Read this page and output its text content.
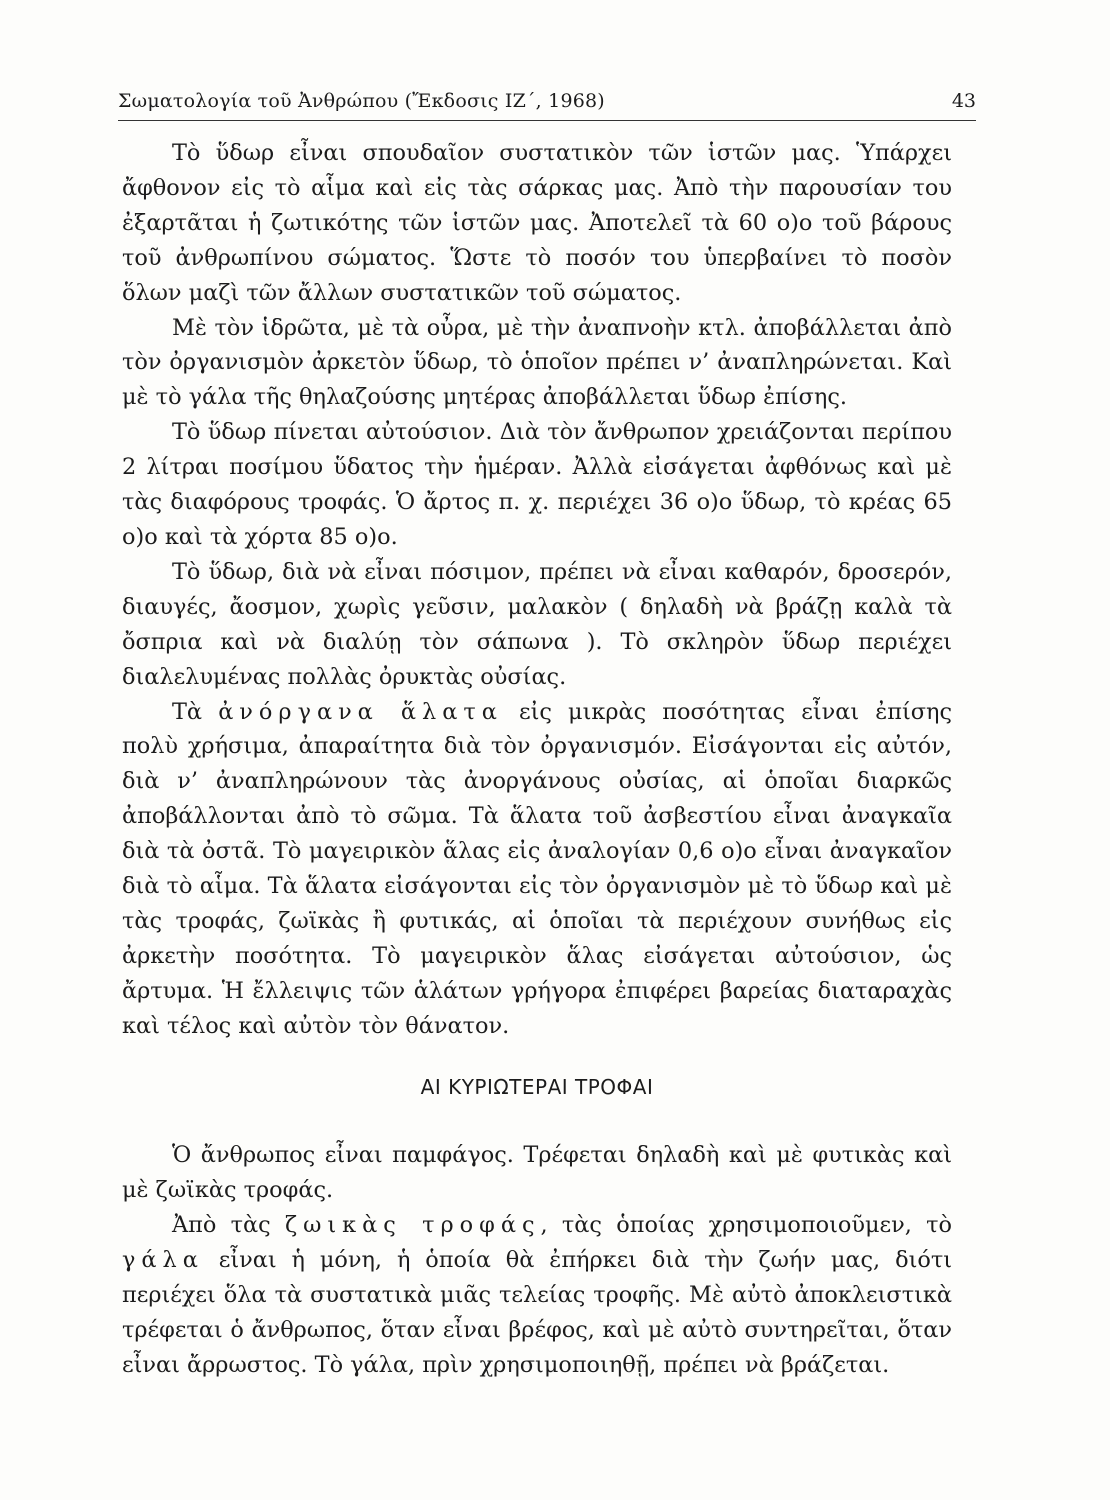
Σωματολογία τοῦ Ἀνθρώπου (Ἔκδοσις ΙΖ΄, 1968)	43

Τὸ ὕδωρ εἶναι σπουδαῖον συστατικὸν τῶν ἱστῶν μας. Ὑπάρχει ἄφθονον εἰς τὸ αἷμα καὶ εἰς τὰς σάρκας μας. Ἀπὸ τὴν παρουσίαν του ἐξαρτᾶται ἡ ζωτικότης τῶν ἱστῶν μας. Ἀποτελεῖ τὰ 60 ο)ο τοῦ βάρους τοῦ ἀνθρωπίνου σώματος. Ὥστε τὸ ποσόν του ὑπερβαίνει τὸ ποσὸν ὅλων μαζὶ τῶν ἄλλων συστατικῶν τοῦ σώματος.

Μὲ τὸν ἱδρῶτα, μὲ τὰ οὖρα, μὲ τὴν ἀναπνοὴν κτλ. ἀποβάλλεται ἀπὸ τὸν ὀργανισμὸν ἀρκετὸν ὕδωρ, τὸ ὁποῖον πρέπει ν’ ἀναπληρώνεται. Καὶ μὲ τὸ γάλα τῆς θηλαζούσης μητέρας ἀποβάλλεται ὕδωρ ἐπίσης.

Τὸ ὕδωρ πίνεται αὐτούσιον. Διὰ τὸν ἄνθρωπον χρειάζονται περίπου 2 λίτραι ποσίμου ὕδατος τὴν ἡμέραν. Ἀλλὰ εἰσάγεται ἀφθόνως καὶ μὲ τὰς διαφόρους τροφάς. Ὁ ἄρτος π. χ. περιέχει 36 ο)ο ὕδωρ, τὸ κρέας 65 ο)ο καὶ τὰ χόρτα 85 ο)ο.

Τὸ ὕδωρ, διὰ νὰ εἶναι πόσιμον, πρέπει νὰ εἶναι καθαρόν, δροσερόν, διαυγές, ἄοσμον, χωρὶς γεῦσιν, μαλακὸν ( δηλαδὴ νὰ βράζῃ καλὰ τὰ ὄσπρια καὶ νὰ διαλύῃ τὸν σάπωνα ). Τὸ σκληρὸν ὕδωρ περιέχει διαλελυμένας πολλὰς ὀρυκτὰς οὐσίας.

Τὰ ἀνόργανα ἅλατα εἰς μικρὰς ποσότητας εἶναι ἐπίσης πολὺ χρήσιμα, ἀπαραίτητα διὰ τὸν ὀργανισμόν. Εἰσάγονται εἰς αὐτόν, διὰ ν’ ἀναπληρώνουν τὰς ἀνοργάνους οὐσίας, αἱ ὁποῖαι διαρκῶς ἀποβάλλονται ἀπὸ τὸ σῶμα. Τὰ ἅλατα τοῦ ἀσβεστίου εἶναι ἀναγκαῖα διὰ τὰ ὀστᾶ. Τὸ μαγειρικὸν ἅλας εἰς ἀναλογίαν 0,6 ο)ο εἶναι ἀναγκαῖον διὰ τὸ αἷμα. Τὰ ἅλατα εἰσάγονται εἰς τὸν ὀργανισμὸν μὲ τὸ ὕδωρ καὶ μὲ τὰς τροφάς, ζωϊκὰς ἢ φυτικάς, αἱ ὁποῖαι τὰ περιέχουν συνήθως εἰς ἀρκετὴν ποσότητα. Τὸ μαγειρικὸν ἅλας εἰσάγεται αὐτούσιον, ὡς ἄρτυμα. Ἡ ἔλλειψις τῶν ἁλάτων γρήγορα ἐπιφέρει βαρείας διαταραχὰς καὶ τέλος καὶ αὐτὸν τὸν θάνατον.

ΑΙ ΚΥΡΙΩΤΕΡΑΙ ΤΡΟΦΑΙ

Ὁ ἄνθρωπος εἶναι παμφάγος. Τρέφεται δηλαδὴ καὶ μὲ φυτικὰς καὶ μὲ ζωϊκὰς τροφάς.

Ἀπὸ τὰς ζωικὰς τροφάς, τὰς ὁποίας χρησιμοποιοῦμεν, τὸ γάλα εἶναι ἡ μόνη, ἡ ὁποία θὰ ἐπήρκει διὰ τὴν ζωήν μας, διότι περιέχει ὅλα τὰ συστατικὰ μιᾶς τελείας τροφῆς. Μὲ αὐτὸ ἀποκλειστικὰ τρέφεται ὁ ἄνθρωπος, ὅταν εἶναι βρέφος, καὶ μὲ αὐτὸ συντηρεῖται, ὅταν εἶναι ἄρρωστος. Τὸ γάλα, πρὶν χρησιμοποιηθῇ, πρέπει νὰ βράζεται.
